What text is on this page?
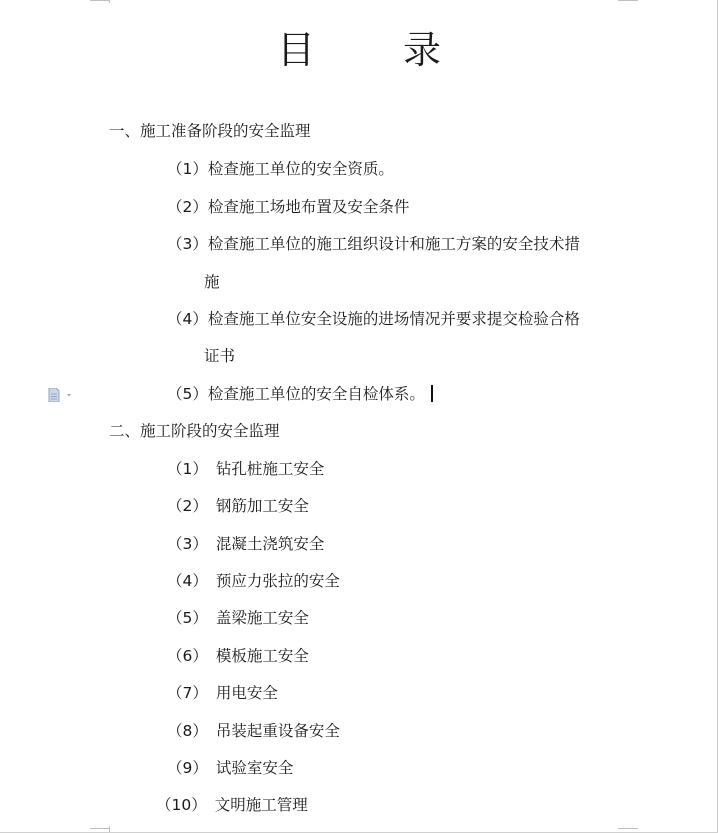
目 录
一、施工准备阶段的安全监理
（1）检查施工单位的安全资质。
（2）检查施工场地布置及安全条件
（3）检查施工单位的施工组织设计和施工方案的安全技术措
施
（4）检查施工单位安全设施的进场情况并要求提交检验合格
证书
（5）检查施工单位的安全自检体系。
二、施工阶段的安全监理
（1） 钻孔桩施工安全
（2） 钢筋加工安全
（3） 混凝土浇筑安全
（4） 预应力张拉的安全
（5） 盖梁施工安全
（6） 模板施工安全
（7） 用电安全
（8） 吊装起重设备安全
（9） 试验室安全
（10） 文明施工管理
